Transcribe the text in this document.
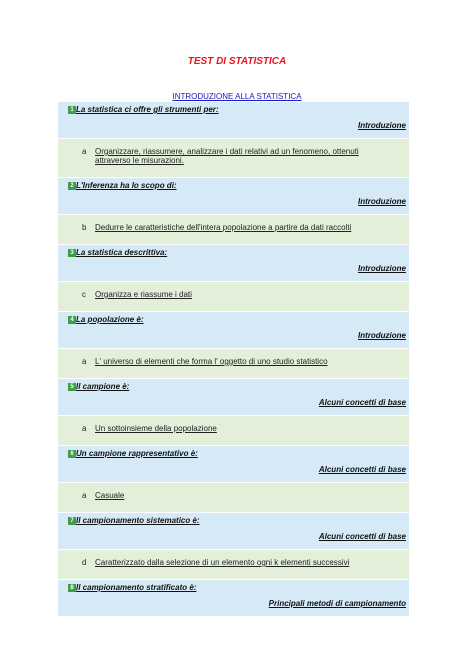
TEST DI STATISTICA
INTRODUZIONE ALLA STATISTICA
1 La statistica ci offre gli strumenti per:
Introduzione
a Organizzare, riassumere, analizzare i dati relativi ad un fenomeno, ottenuti attraverso le misurazioni.
2 L'Inferenza ha lo scopo di:
Introduzione
b Dedurre le caratteristiche dell'intera popolazione a partire da dati raccolti
3 La statistica descrittiva:
Introduzione
c Organizza e riassume i dati
4 La popolazione è:
Introduzione
a L' universo di elementi che forma l' oggetto di uno studio statistico
5 Il campione è:
Alcuni concetti di base
a Un sottoinsieme della popolazione
6 Un campione rappresentativo è:
Alcuni concetti di base
a Casuale
7 Il campionamento sistematico è:
Alcuni concetti di base
d Caratterizzato dalla selezione di un elemento ogni k elementi successivi
8 Il campionamento stratificato è:
Principali metodi di campionamento
